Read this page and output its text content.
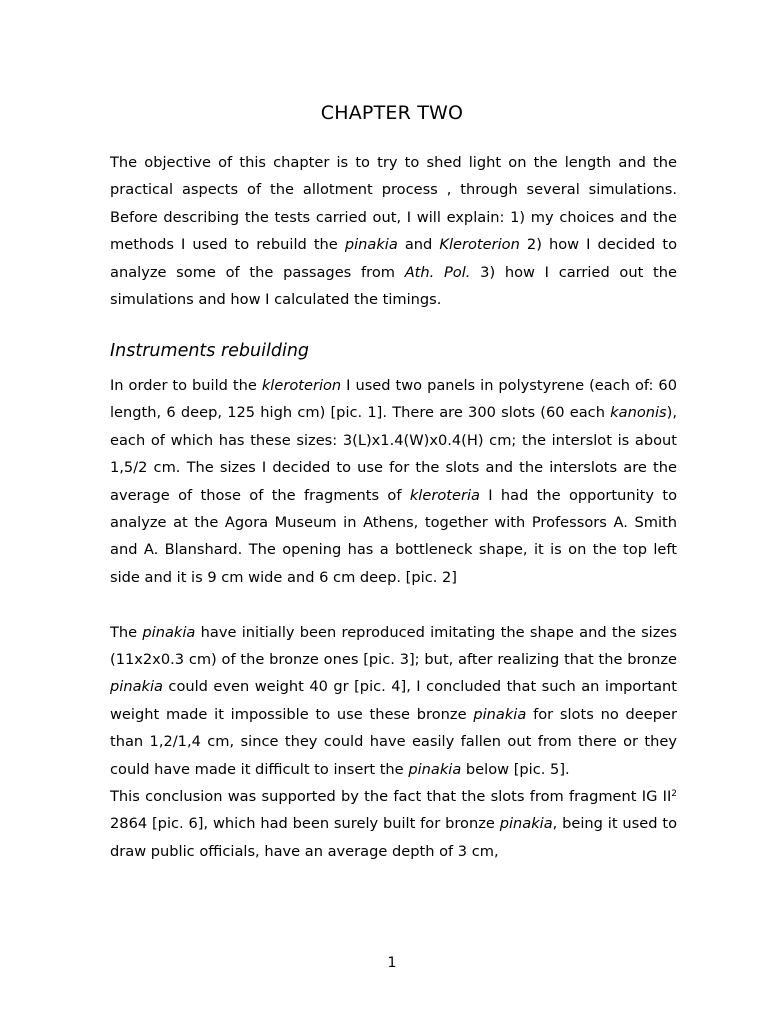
CHAPTER TWO

The objective of this chapter is to try to shed light on the length and the practical aspects of the allotment process , through several simulations. Before describing the tests carried out, I will explain: 1) my choices and the methods I used to rebuild the pinakia and Kleroterion 2) how I decided to analyze some of the passages from Ath. Pol. 3) how I carried out the simulations and how I calculated the timings.

Instruments rebuilding

In order to build the kleroterion I used two panels in polystyrene (each of: 60 length, 6 deep, 125 high cm) [pic. 1]. There are 300 slots (60 each kanonis), each of which has these sizes: 3(L)x1.4(W)x0.4(H) cm; the interslot is about 1,5/2 cm. The sizes I decided to use for the slots and the interslots are the average of those of the fragments of kleroteria I had the opportunity to analyze at the Agora Museum in Athens, together with Professors A. Smith and A. Blanshard. The opening has a bottleneck shape, it is on the top left side and it is 9 cm wide and 6 cm deep. [pic. 2]

The pinakia have initially been reproduced imitating the shape and the sizes (11x2x0.3 cm) of the bronze ones [pic. 3]; but, after realizing that the bronze pinakia could even weight 40 gr [pic. 4], I concluded that such an important weight made it impossible to use these bronze pinakia for slots no deeper than 1,2/1,4 cm, since they could have easily fallen out from there or they could have made it difficult to insert the pinakia below [pic. 5].

This conclusion was supported by the fact that the slots from fragment IG $II^2$ 2864 [pic. 6], which had been surely built for bronze pinakia, being it used to draw public officials, have an average depth of 3 cm,

1
